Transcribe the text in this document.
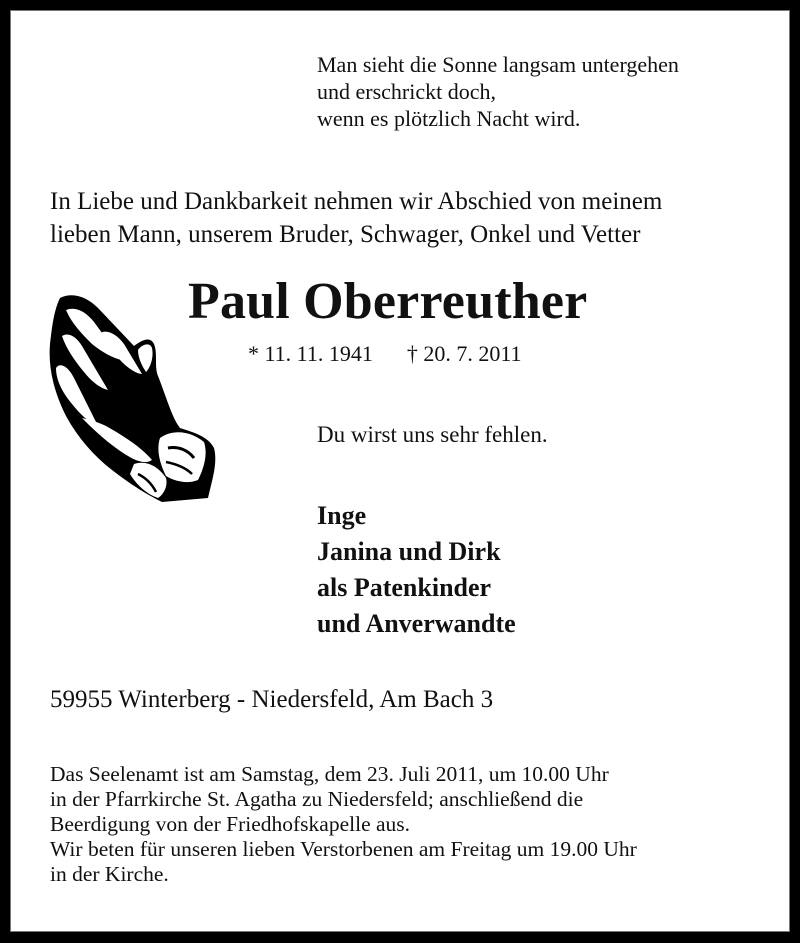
Man sieht die Sonne langsam untergehen
und erschrickt doch,
wenn es plötzlich Nacht wird.
In Liebe und Dankbarkeit nehmen wir Abschied von meinem
lieben Mann, unserem Bruder, Schwager, Onkel und Vetter
Paul Oberreuther
* 11. 11. 1941 † 20. 7. 2011
Du wirst uns sehr fehlen.
Inge
Janina und Dirk
als Patenkinder
und Anverwandte
59955 Winterberg - Niedersfeld, Am Bach 3
Das Seelenamt ist am Samstag, dem 23. Juli 2011, um 10.00 Uhr
in der Pfarrkirche St. Agatha zu Niedersfeld; anschließend die
Beerdigung von der Friedhofskapelle aus.
Wir beten für unseren lieben Verstorbenen am Freitag um 19.00 Uhr
in der Kirche.
